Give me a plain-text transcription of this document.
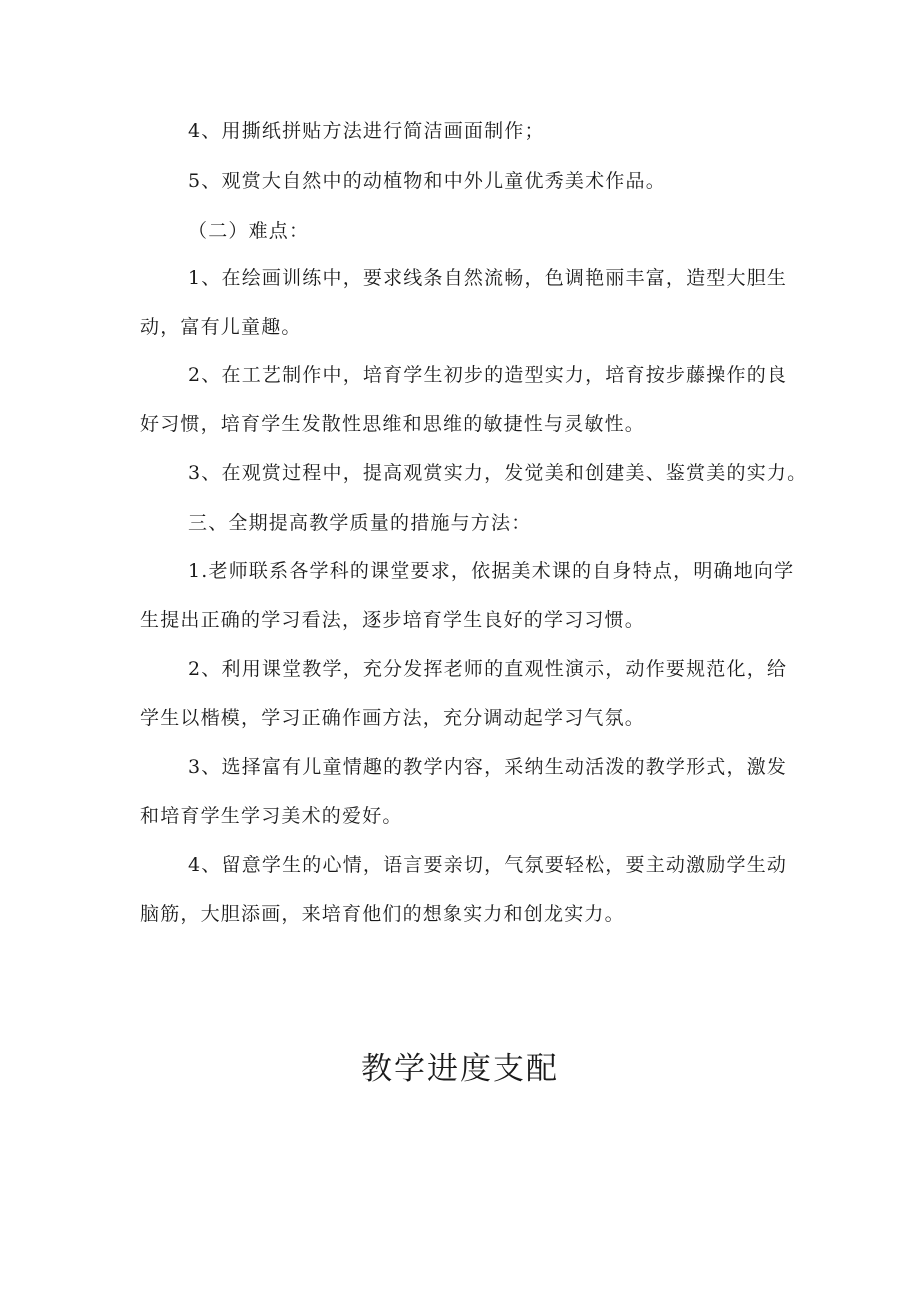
4、用撕纸拼贴方法进行简洁画面制作；
5、观赏大自然中的动植物和中外儿童优秀美术作品。
（二）难点：
1、在绘画训练中，要求线条自然流畅，色调艳丽丰富，造型大胆生
动，富有儿童趣。
2、在工艺制作中，培育学生初步的造型实力，培育按步藤操作的良
好习惯，培育学生发散性思维和思维的敏捷性与灵敏性。
3、在观赏过程中，提高观赏实力，发觉美和创建美、鉴赏美的实力。
三、全期提高教学质量的措施与方法：
1.老师联系各学科的课堂要求，依据美术课的自身特点，明确地向学
生提出正确的学习看法，逐步培育学生良好的学习习惯。
2、利用课堂教学，充分发挥老师的直观性演示，动作要规范化，给
学生以楷模，学习正确作画方法，充分调动起学习气氛。
3、选择富有儿童情趣的教学内容，采纳生动活泼的教学形式，激发
和培育学生学习美术的爱好。
4、留意学生的心情，语言要亲切，气氛要轻松，要主动激励学生动
脑筋，大胆添画，来培育他们的想象实力和创龙实力。
教学进度支配
